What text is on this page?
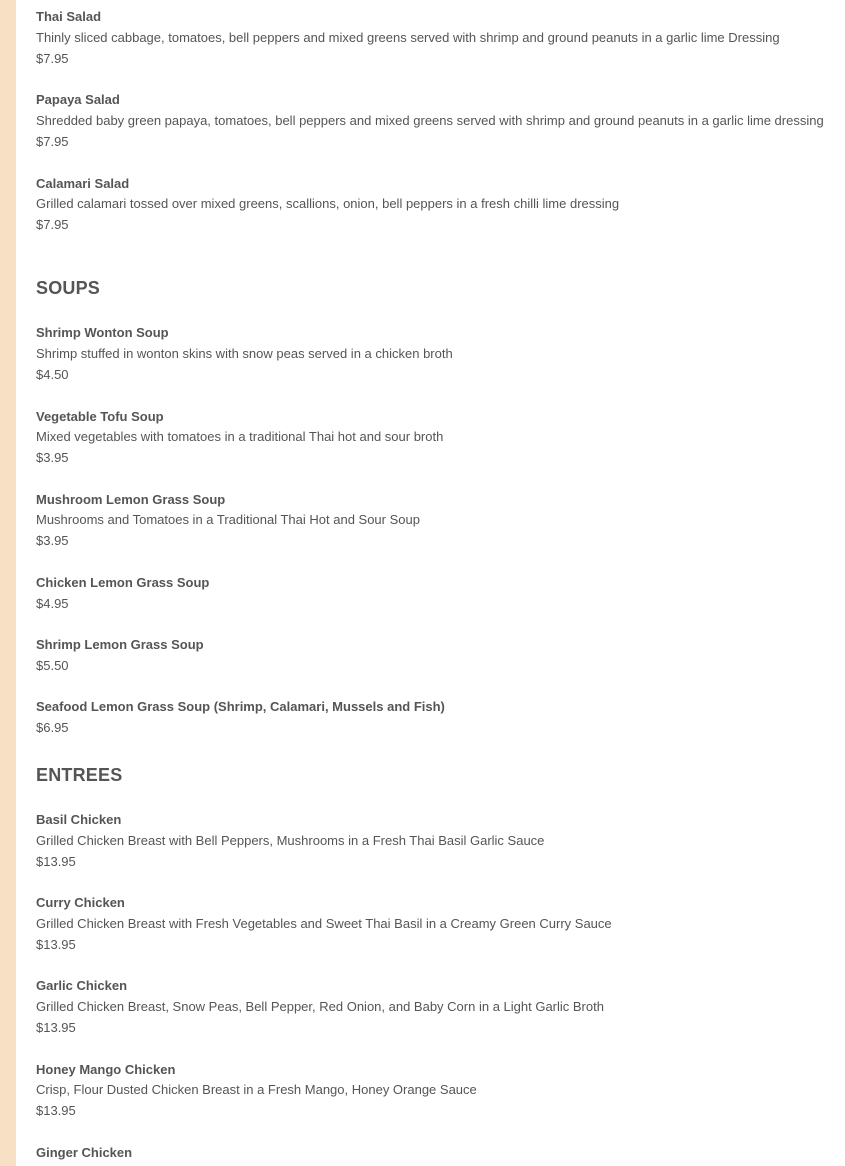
Thai Salad
Thinly sliced cabbage, tomatoes, bell peppers and mixed greens served with shrimp and ground peanuts in a garlic lime Dressing
$7.95
Papaya Salad
Shredded baby green papaya, tomatoes, bell peppers and mixed greens served with shrimp and ground peanuts in a garlic lime dressing
$7.95
Calamari Salad
Grilled calamari tossed over mixed greens, scallions, onion, bell peppers in a fresh chilli lime dressing
$7.95
SOUPS
Shrimp Wonton Soup
Shrimp stuffed in wonton skins with snow peas served in a chicken broth
$4.50
Vegetable Tofu Soup
Mixed vegetables with tomatoes in a traditional Thai hot and sour broth
$3.95
Mushroom Lemon Grass Soup
Mushrooms and Tomatoes in a Traditional Thai Hot and Sour Soup
$3.95
Chicken Lemon Grass Soup
$4.95
Shrimp Lemon Grass Soup
$5.50
Seafood Lemon Grass Soup (Shrimp, Calamari, Mussels and Fish)
$6.95
ENTREES
Basil Chicken
Grilled Chicken Breast with Bell Peppers, Mushrooms in a Fresh Thai Basil Garlic Sauce
$13.95
Curry Chicken
Grilled Chicken Breast with Fresh Vegetables and Sweet Thai Basil in a Creamy Green Curry Sauce
$13.95
Garlic Chicken
Grilled Chicken Breast, Snow Peas, Bell Pepper, Red Onion, and Baby Corn in a Light Garlic Broth
$13.95
Honey Mango Chicken
Crisp, Flour Dusted Chicken Breast in a Fresh Mango, Honey Orange Sauce
$13.95
Ginger Chicken
